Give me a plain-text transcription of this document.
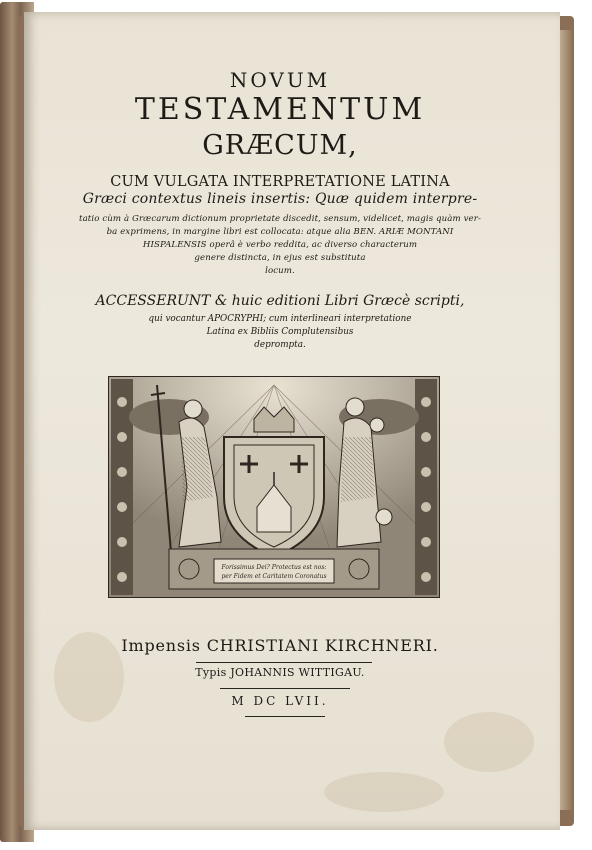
NOVUM
TESTAMENTUM
GRÆCUM,
CUM VULGATA INTERPRETATIONE LATINA
Græci contextus lineis insertis: Quæ quidem interpre-
tatio cùm à Græcarum dictionum proprietate discedit, sensum, videlicet, magis quàm ver-
ba exprimens, in margine libri est collocata: atque alia BEN. ARIÆ MONTANI
HISPALENSIS operâ è verbo reddita, ac diverso characterum
genere distincta, in ejus est substituta
locum.
ACCESSERUNT & huic editioni Libri Græcè scripti,
qui vocantur APOCRYPHI; cum interlineari interpretatione
Latina ex Bibliis Complutensibus
deprompta.
Forissimus Dei? Protectus est nos:
per Fidem et Caritatem Coronatus
Impensis CHRISTIANI KIRCHNERI.
Typis JOHANNIS WITTIGAU.
M DC LVII.
